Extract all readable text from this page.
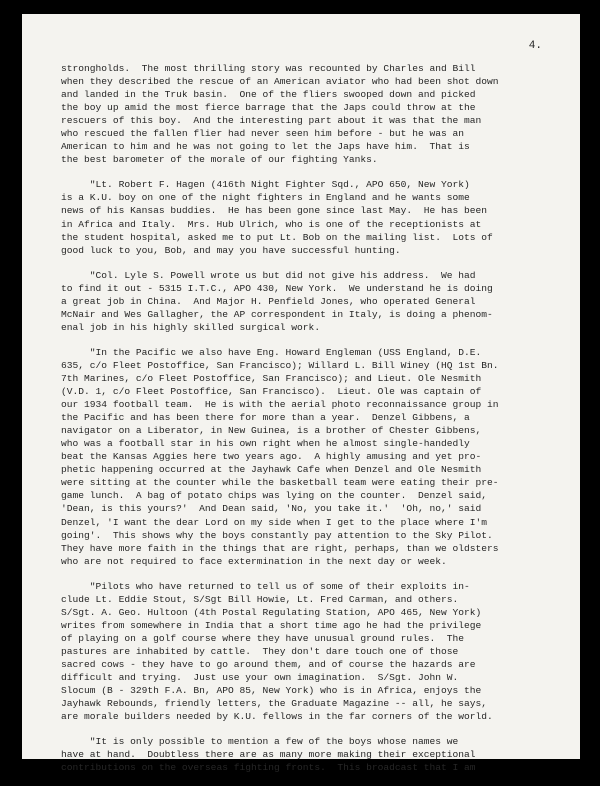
4.
strongholds.  The most thrilling story was recounted by Charles and Bill
when they described the rescue of an American aviator who had been shot down
and landed in the Truk basin.  One of the fliers swooped down and picked
the boy up amid the most fierce barrage that the Japs could throw at the
rescuers of this boy.  And the interesting part about it was that the man
who rescued the fallen flier had never seen him before - but he was an
American to him and he was not going to let the Japs have him.  That is
the best barometer of the morale of our fighting Yanks.
"Lt. Robert F. Hagen (416th Night Fighter Sqd., APO 650, New York)
is a K.U. boy on one of the night fighters in England and he wants some
news of his Kansas buddies.  He has been gone since last May.  He has been
in Africa and Italy.  Mrs. Hub Ulrich, who is one of the receptionists at
the student hospital, asked me to put Lt. Bob on the mailing list.  Lots of
good luck to you, Bob, and may you have successful hunting.
"Col. Lyle S. Powell wrote us but did not give his address.  We had
to find it out - 5315 I.T.C., APO 430, New York.  We understand he is doing
a great job in China.  And Major H. Penfield Jones, who operated General
McNair and Wes Gallagher, the AP correspondent in Italy, is doing a phenom-
enal job in his highly skilled surgical work.
"In the Pacific we also have Eng. Howard Engleman (USS England, D.E.
635, c/o Fleet Postoffice, San Francisco); Willard L. Bill Winey (HQ 1st Bn.
7th Marines, c/o Fleet Postoffice, San Francisco); and Lieut. Ole Nesmith
(V.D. 1, c/o Fleet Postoffice, San Francisco).  Lieut. Ole was captain of
our 1934 football team.  He is with the aerial photo reconnaissance group in
the Pacific and has been there for more than a year.  Denzel Gibbens, a
navigator on a Liberator, in New Guinea, is a brother of Chester Gibbens,
who was a football star in his own right when he almost single-handedly
beat the Kansas Aggies here two years ago.  A highly amusing and yet pro-
phetic happening occurred at the Jayhawk Cafe when Denzel and Ole Nesmith
were sitting at the counter while the basketball team were eating their pre-
game lunch.  A bag of potato chips was lying on the counter.  Denzel said,
'Dean, is this yours?'  And Dean said, 'No, you take it.'  'Oh, no,' said
Denzel, 'I want the dear Lord on my side when I get to the place where I'm
going'.  This shows why the boys constantly pay attention to the Sky Pilot.
They have more faith in the things that are right, perhaps, than we oldsters
who are not required to face extermination in the next day or week.
"Pilots who have returned to tell us of some of their exploits in-
clude Lt. Eddie Stout, S/Sgt Bill Howie, Lt. Fred Carman, and others.
S/Sgt. A. Geo. Hultoon (4th Postal Regulating Station, APO 465, New York)
writes from somewhere in India that a short time ago he had the privilege
of playing on a golf course where they have unusual ground rules.  The
pastures are inhabited by cattle.  They don't dare touch one of those
sacred cows - they have to go around them, and of course the hazards are
difficult and trying.  Just use your own imagination.  S/Sgt. John W.
Slocum (B - 329th F.A. Bn, APO 85, New York) who is in Africa, enjoys the
Jayhawk Rebounds, friendly letters, the Graduate Magazine -- all, he says,
are morale builders needed by K.U. fellows in the far corners of the world.
"It is only possible to mention a few of the boys whose names we
have at hand.  Doubtless there are as many more making their exceptional
contributions on the overseas fighting fronts.  This broadcast that I am
